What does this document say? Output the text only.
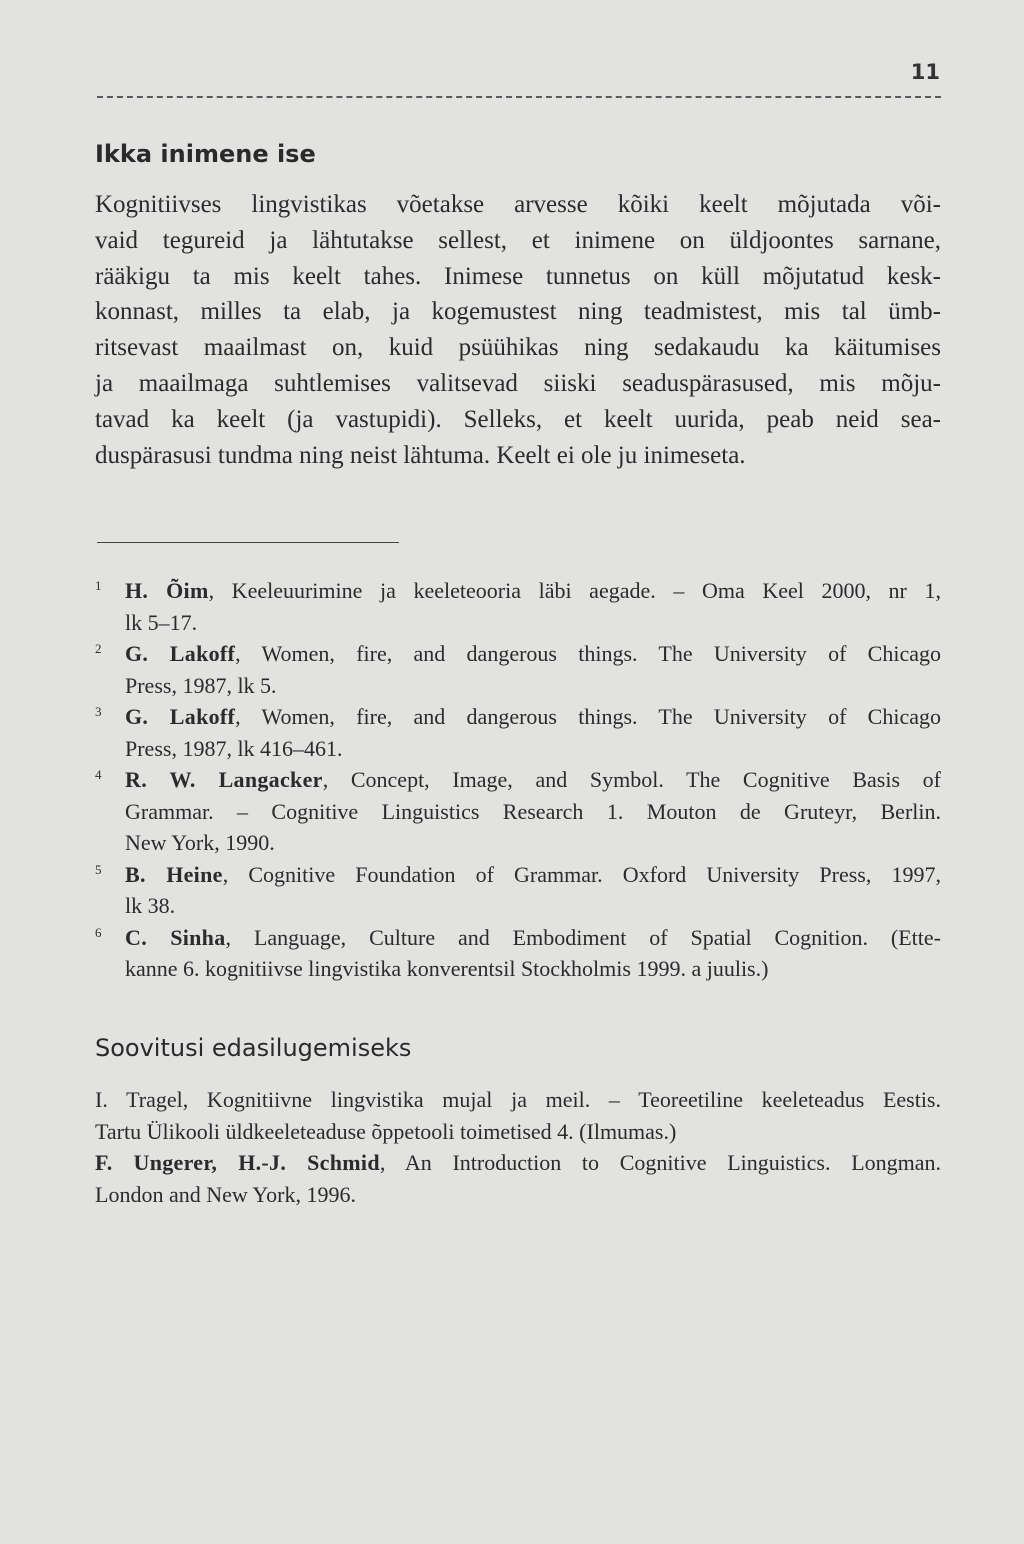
11
Ikka inimene ise

Kognitiivses lingvistikas võetakse arvesse kõiki keelt mõjutada või-
vaid tegureid ja lähtutakse sellest, et inimene on üldjoontes sarnane,
rääkigu ta mis keelt tahes. Inimese tunnetus on küll mõjutatud kesk-
konnast, milles ta elab, ja kogemustest ning teadmistest, mis tal ümb-
ritsevast maailmast on, kuid psüühikas ning sedakaudu ka käitumises
ja maailmaga suhtlemises valitsevad siiski seaduspärasused, mis mõju-
tavad ka keelt (ja vastupidi). Selleks, et keelt uurida, peab neid sea-
duspärasusi tundma ning neist lähtuma. Keelt ei ole ju inimeseta.

1 H. Õim, Keeleuurimine ja keeleteooria läbi aegade. – Oma Keel 2000, nr 1,
lk 5–17.
2 G. Lakoff, Women, fire, and dangerous things. The University of Chicago
Press, 1987, lk 5.
3 G. Lakoff, Women, fire, and dangerous things. The University of Chicago
Press, 1987, lk 416–461.
4 R. W. Langacker, Concept, Image, and Symbol. The Cognitive Basis of
Grammar. – Cognitive Linguistics Research 1. Mouton de Gruteyr, Berlin.
New York, 1990.
5 B. Heine, Cognitive Foundation of Grammar. Oxford University Press, 1997,
lk 38.
6 C. Sinha, Language, Culture and Embodiment of Spatial Cognition. (Ette-
kanne 6. kognitiivse lingvistika konverentsil Stockholmis 1999. a juulis.)
Soovitusi edasilugemiseks
I. Tragel, Kognitiivne lingvistika mujal ja meil. – Teoreetiline keeleteadus Eestis.
Tartu Ülikooli üldkeeleteaduse õppetooli toimetised 4. (Ilmumas.)
F. Ungerer, H.-J. Schmid, An Introduction to Cognitive Linguistics. Longman.
London and New York, 1996.
